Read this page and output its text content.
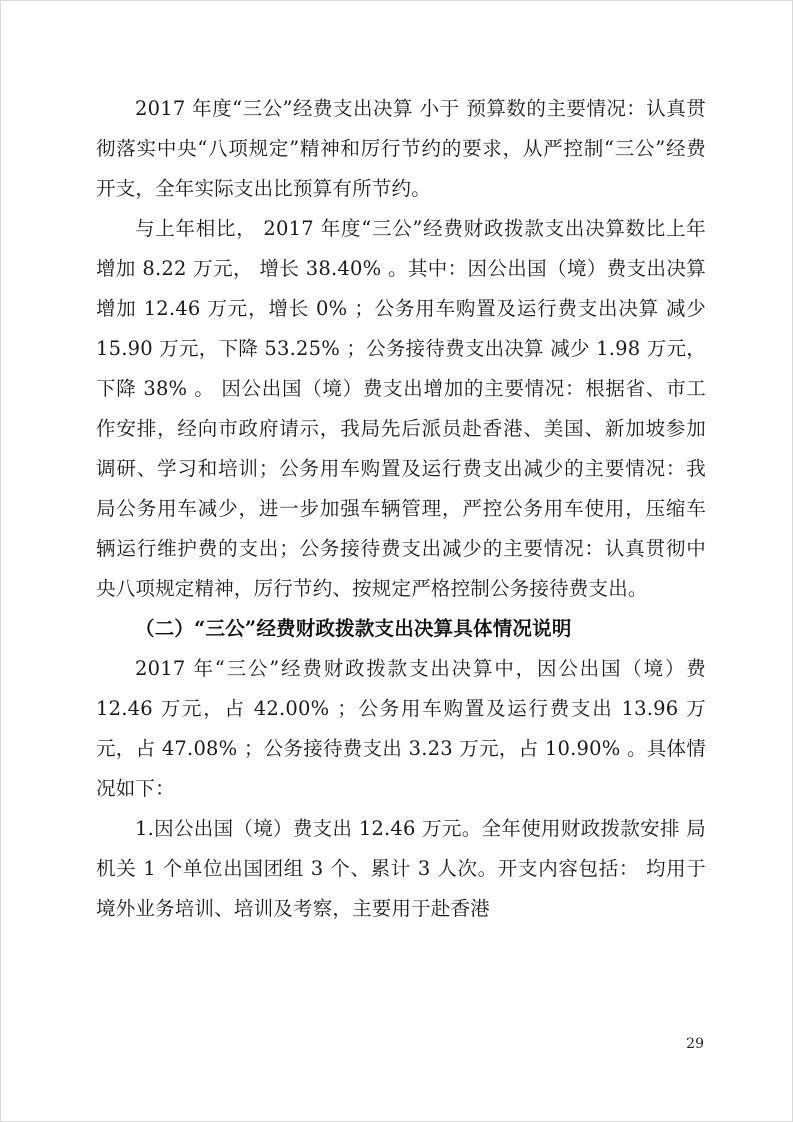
2017 年度“三公”经费支出决算 小于 预算数的主要情况：认真贯彻落实中央“八项规定”精神和厉行节约的要求，从严控制“三公”经费开支，全年实际支出比预算有所节约。

与上年相比， 2017 年度“三公”经费财政拨款支出决算数比上年 增加 8.22 万元， 增长 38.40% 。其中：因公出国（境）费支出决算 增加 12.46 万元，增长 0% ；公务用车购置及运行费支出决算 减少 15.90 万元，下降 53.25% ；公务接待费支出决算 减少 1.98 万元，下降 38% 。 因公出国（境）费支出增加的主要情况：根据省、市工作安排，经向市政府请示，我局先后派员赴香港、美国、新加坡参加调研、学习和培训；公务用车购置及运行费支出减少的主要情况：我局公务用车减少，进一步加强车辆管理，严控公务用车使用，压缩车辆运行维护费的支出；公务接待费支出减少的主要情况：认真贯彻中央八项规定精神，厉行节约、按规定严格控制公务接待费支出。

（二）“三公”经费财政拨款支出决算具体情况说明

2017 年“三公”经费财政拨款支出决算中，因公出国（境）费 12.46 万元，占 42.00% ；公务用车购置及运行费支出 13.96 万元，占 47.08% ；公务接待费支出 3.23 万元，占 10.90% 。具体情况如下：

1.因公出国（境）费支出 12.46 万元。全年使用财政拨款安排 局机关 1 个单位出国团组 3 个、累计 3 人次。开支内容包括： 均用于境外业务培训、培训及考察，主要用于赴香港

29
